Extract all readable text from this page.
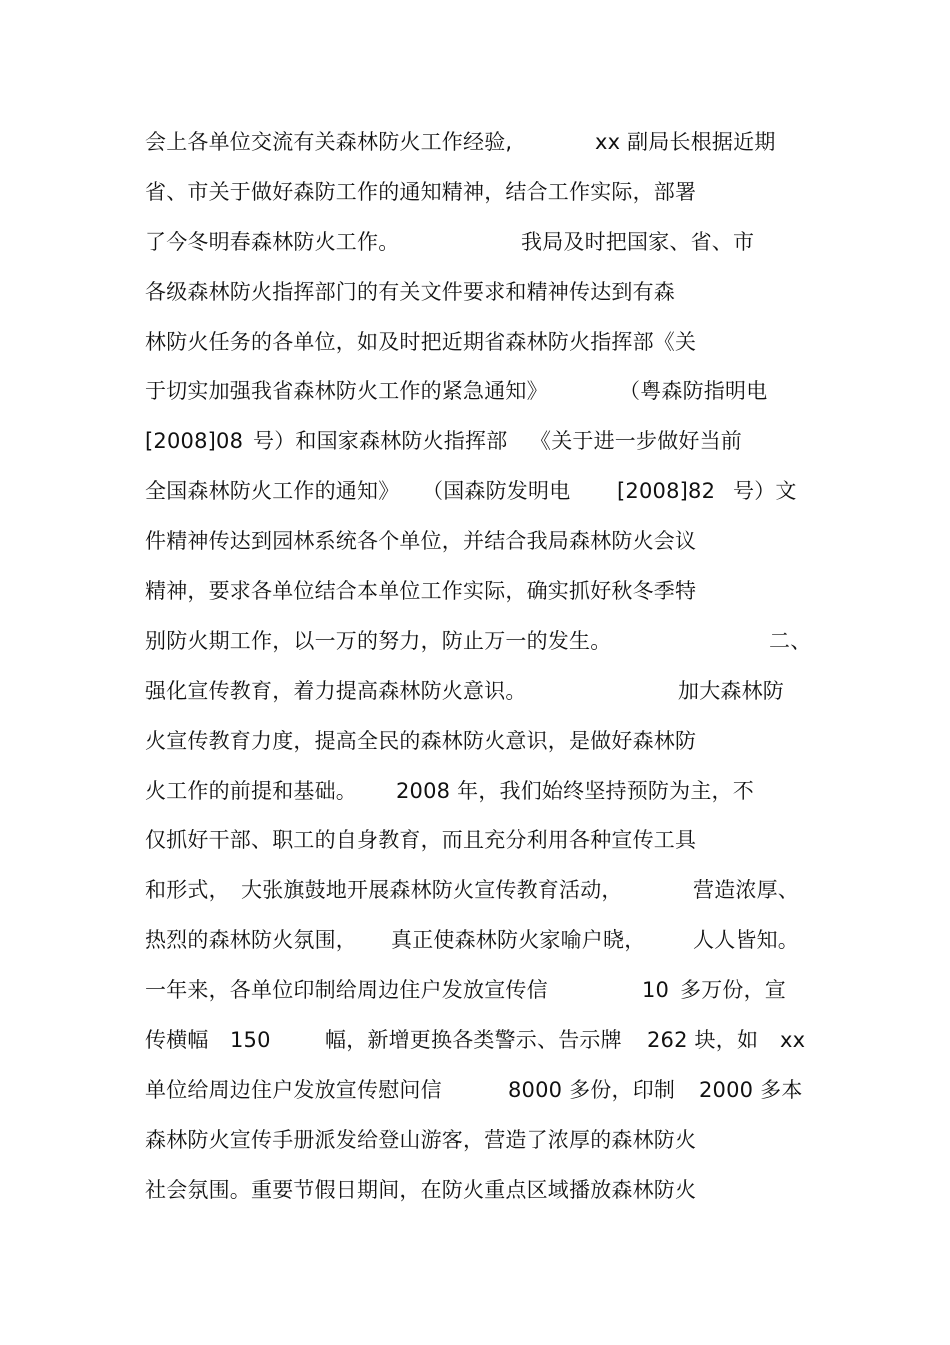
会上各单位交流有关森林防火工作经验,

	xx 副局长根据近期

省、市关于做好森防工作的通知精神，结合工作实际，部署

了今冬明春森林防火工作。

	我局及时把国家、省、市

各级森林防火指挥部门的有关文件要求和精神传达到有森

林防火任务的各单位，如及时把近期省森林防火指挥部《关

于切实加强我省森林防火工作的紧急通知》

	（粤森防指明电

[2008]08

号）和国家森林防火指挥部

《关于进一步做好当前

全国森林防火工作的通知》

（国森防发明电

[2008]82

号）文

件精神传达到园林系统各个单位，并结合我局森林防火会议

精神，要求各单位结合本单位工作实际，确实抓好秋冬季特

别防火期工作，以一万的努力，防止万一的发生。

	二、

强化宣传教育，着力提高森林防火意识。

	加大森林防

火宣传教育力度，提高全民的森林防火意识，是做好森林防

火工作的前提和基础。

2008 年，我们始终坚持预防为主，不

仅抓好干部、职工的自身教育，而且充分利用各种宣传工具

和形式，

大张旗鼓地开展森林防火宣传教育活动，

	营造浓厚、

热烈的森林防火氛围，

真正使森林防火家喻户晓，

人人皆知。

一年来，各单位印制给周边住户发放宣传信

	10

多万份，宣

传横幅

150

	幅，新增更换各类警示、告示牌

262 块，如

xx

单位给周边住户发放宣传慰问信

	8000 多份，印制

2000 多本

森林防火宣传手册派发给登山游客，营造了浓厚的森林防火

社会氛围。重要节假日期间，在防火重点区域播放森林防火
